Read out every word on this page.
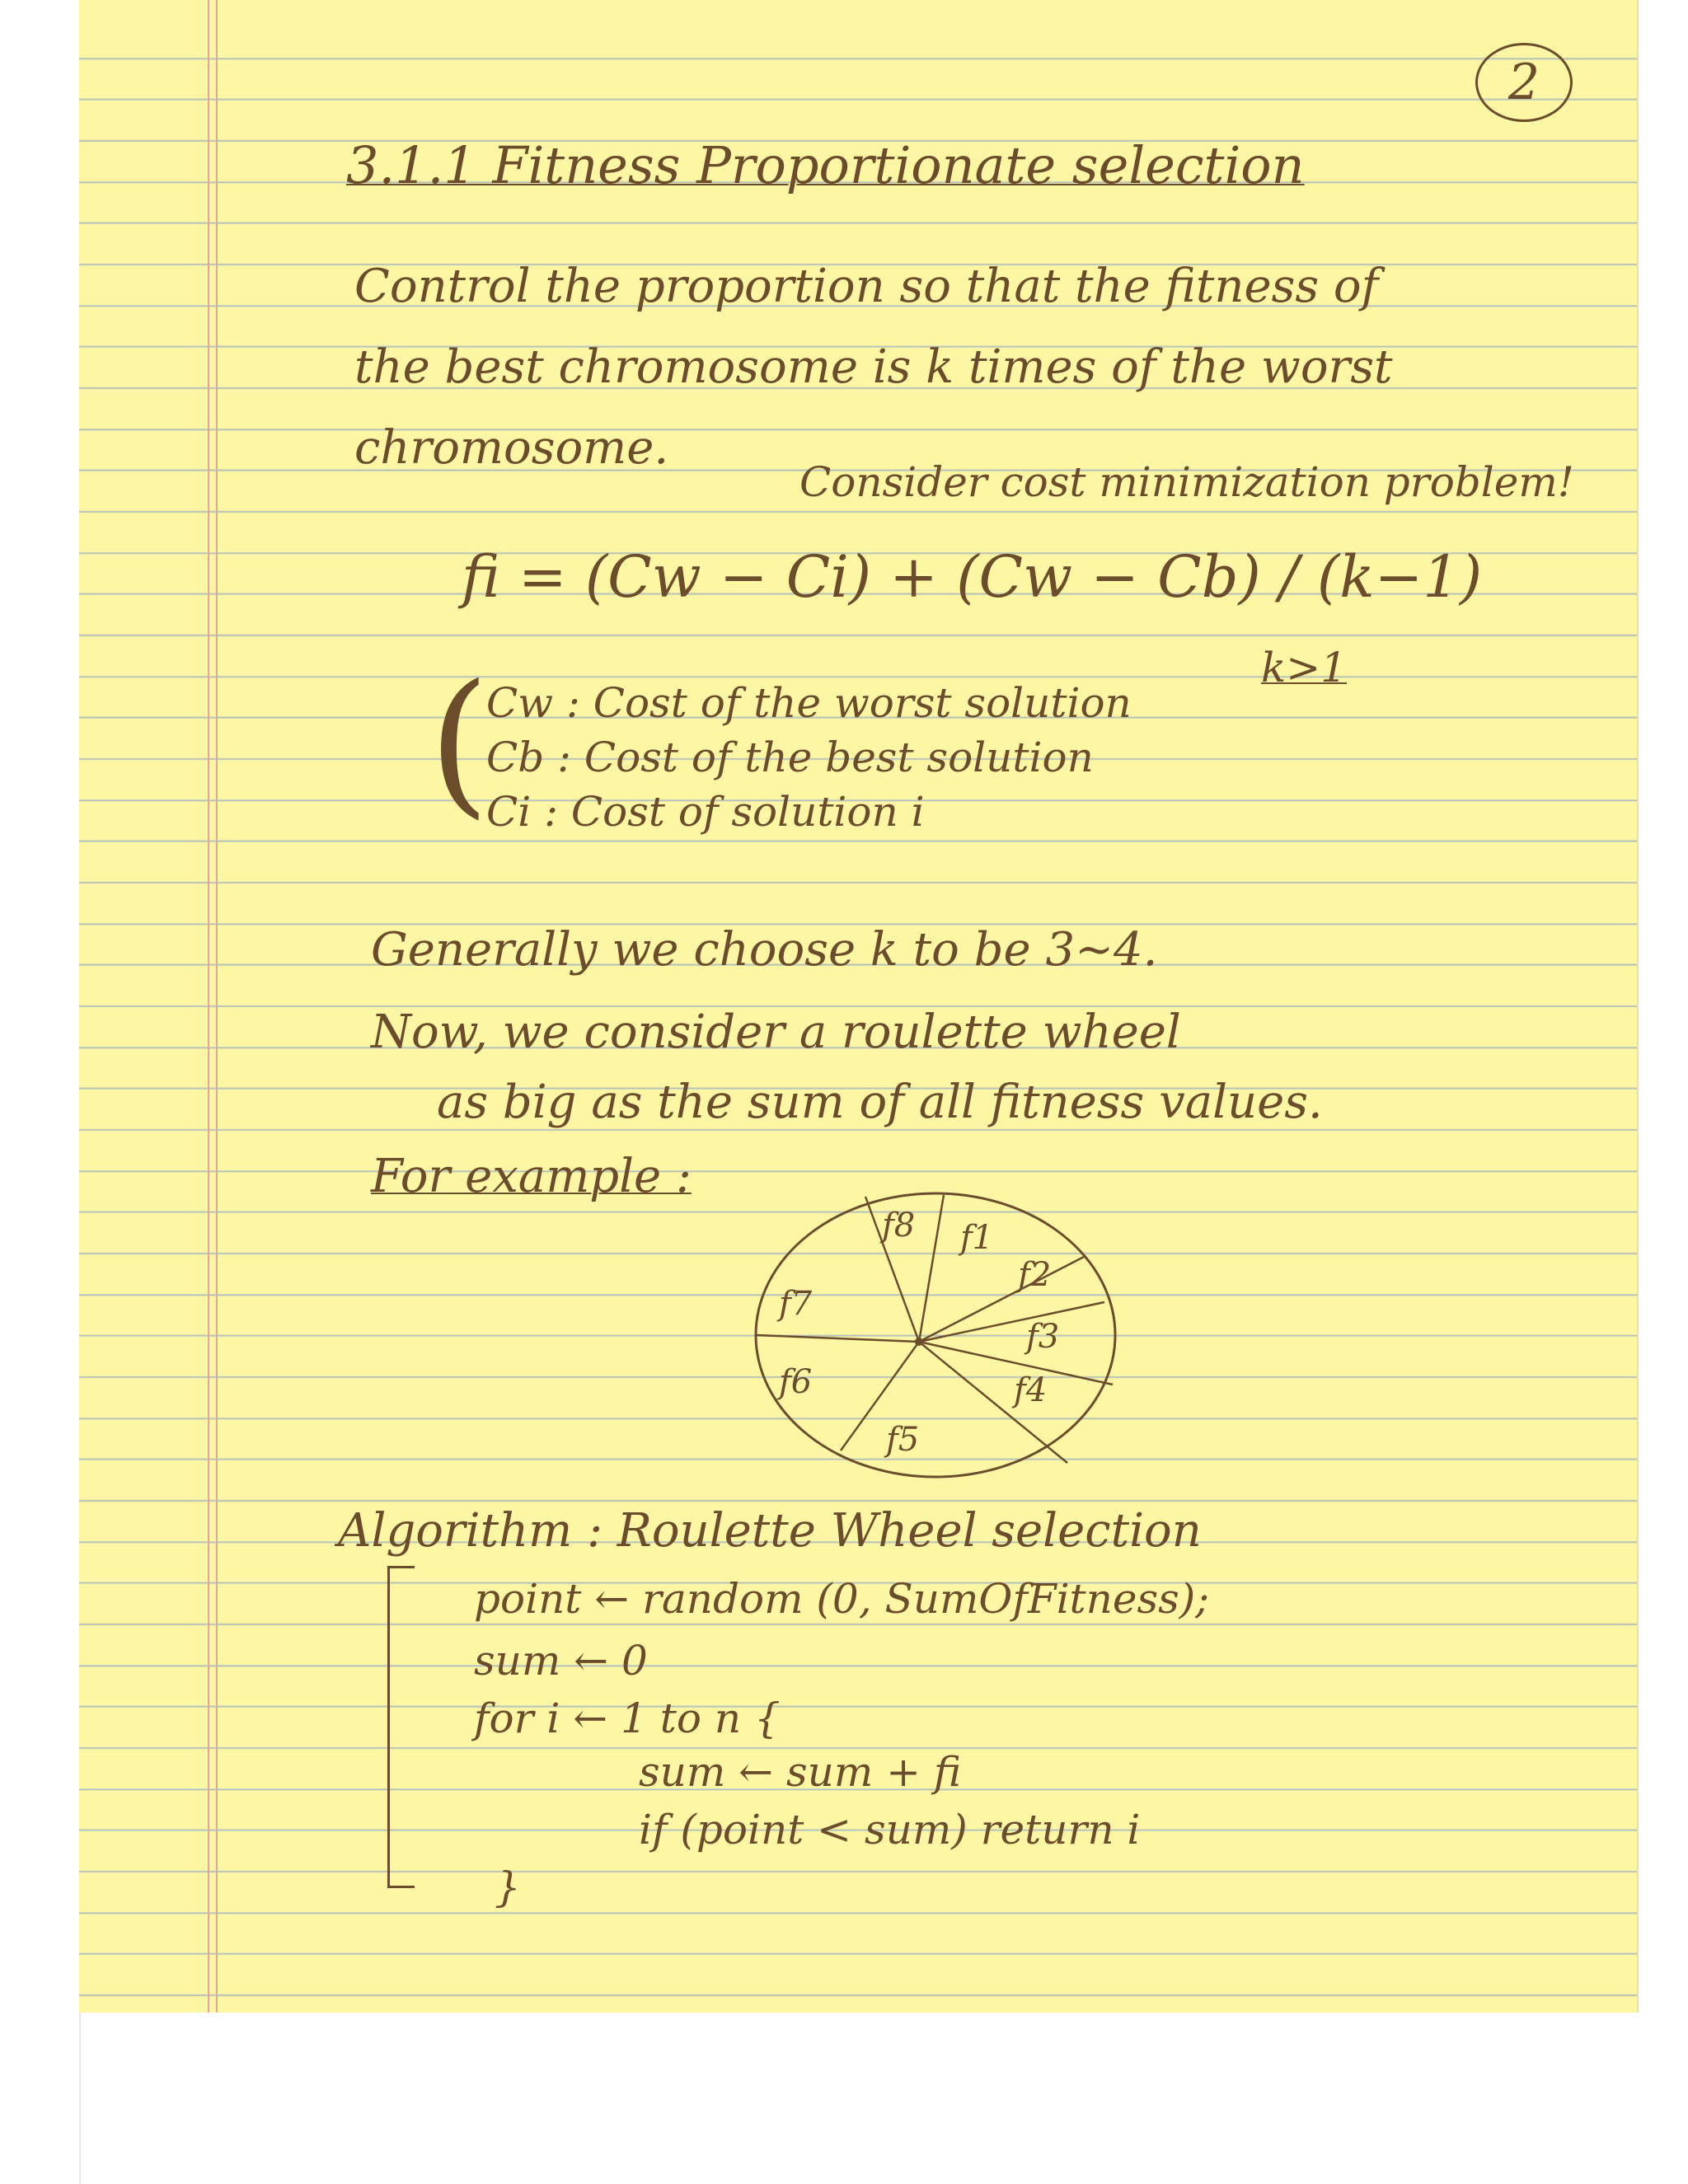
2
3.1.1 Fitness Proportionate selection
Control the proportion so that the fitness of
the best chromosome is k times of the worst
chromosome.
Consider cost minimization problem!
fi = (Cw − Ci) + (Cw − Cb) / (k−1)
k>1
(
Cw : Cost of the worst solution
Cb : Cost of the best solution
Ci : Cost of solution i
Generally we choose k to be 3~4.
Now, we consider a roulette wheel
as big as the sum of all fitness values.
For example :
f1
f2
f3
f4
f5
f6
f7
f8
Algorithm : Roulette Wheel selection
point ← random (0, SumOfFitness);
sum ← 0
for i ← 1 to n {
sum ← sum + fi
if (point < sum) return i
}
